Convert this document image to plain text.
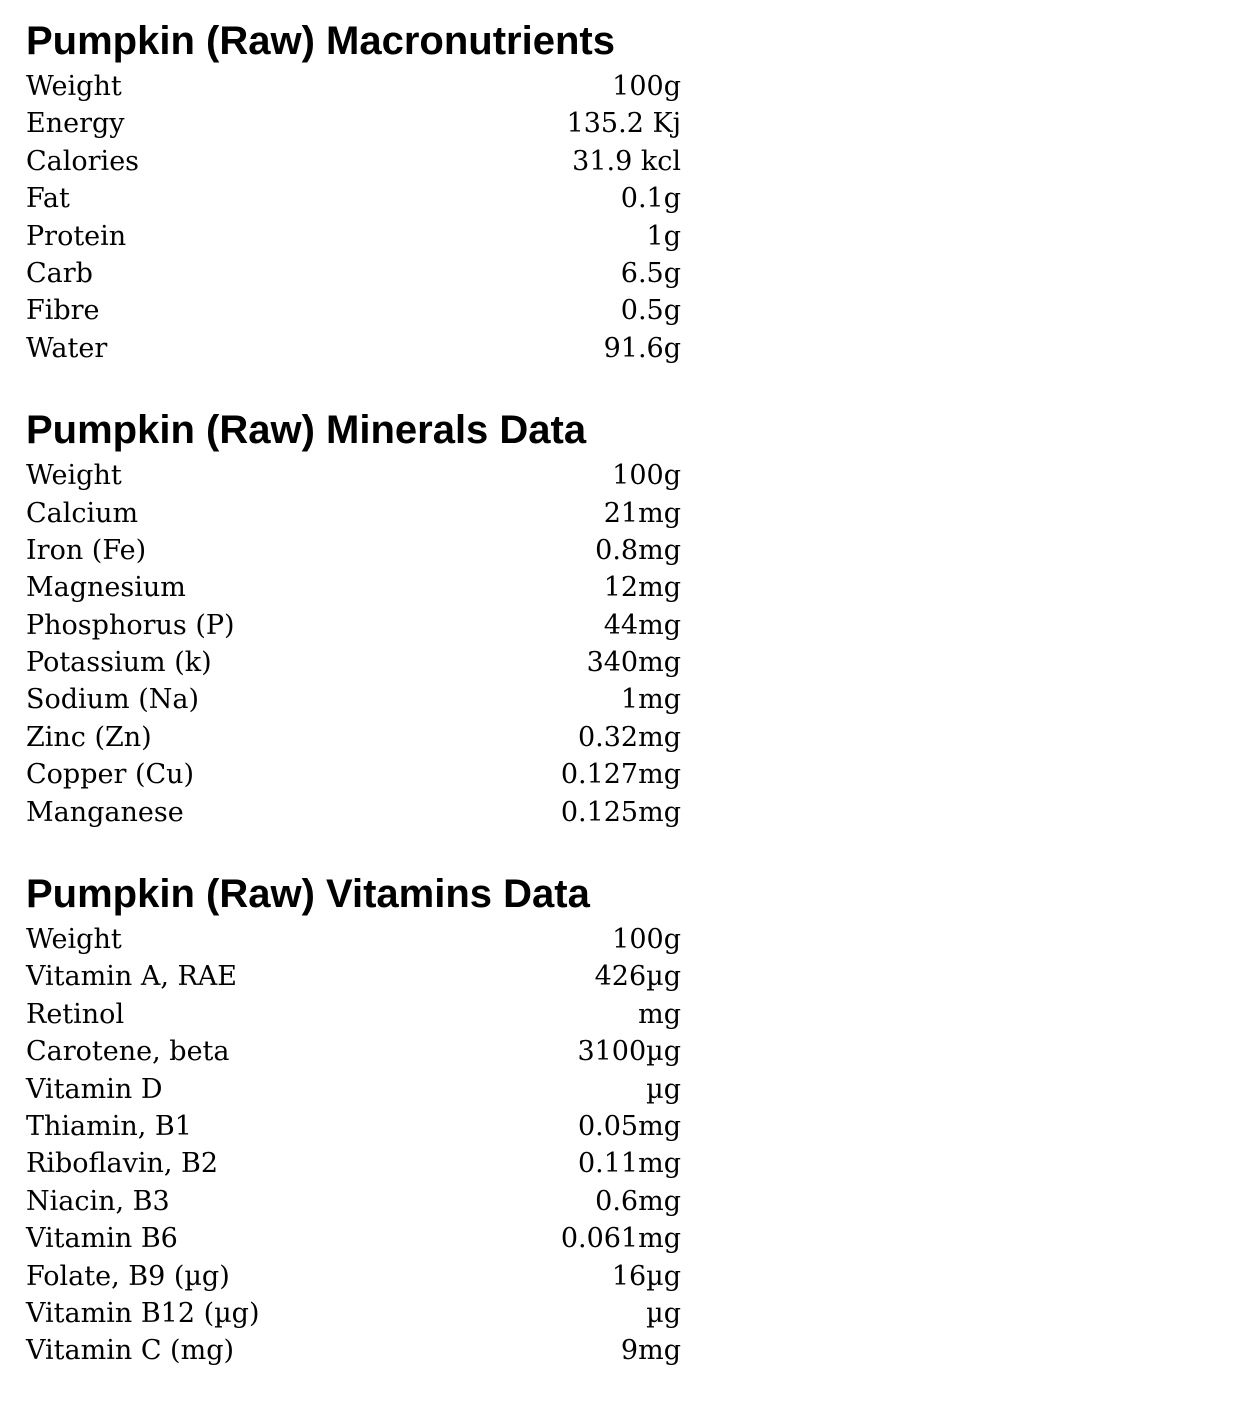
Pumpkin (Raw) Macronutrients
Weight	100g
Energy	135.2 Kj
Calories	31.9 kcl
Fat	0.1g
Protein	1g
Carb	6.5g
Fibre	0.5g
Water	91.6g
Pumpkin (Raw) Minerals Data
Weight	100g
Calcium	21mg
Iron (Fe)	0.8mg
Magnesium	12mg
Phosphorus (P)	44mg
Potassium (k)	340mg
Sodium (Na)	1mg
Zinc (Zn)	0.32mg
Copper (Cu)	0.127mg
Manganese	0.125mg
Pumpkin (Raw) Vitamins Data
Weight	100g
Vitamin A, RAE	426µg
Retinol	mg
Carotene, beta	3100µg
Vitamin D	µg
Thiamin, B1	0.05mg
Riboflavin, B2	0.11mg
Niacin, B3	0.6mg
Vitamin B6	0.061mg
Folate, B9 (µg)	16µg
Vitamin B12 (µg)	µg
Vitamin C (mg)	9mg
